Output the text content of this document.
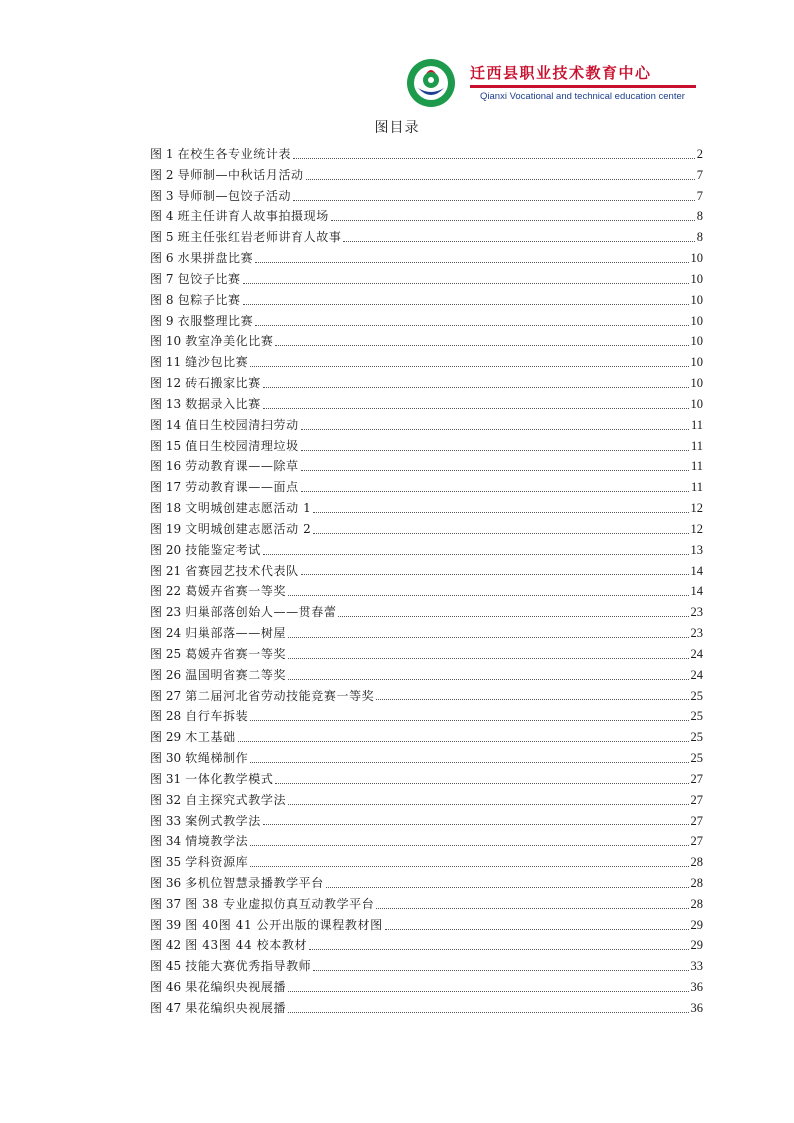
迁西县职业技术教育中心
Qianxi Vocational and technical education center
图目录
图 1 在校生各专业统计表	2
图 2 导师制—中秋话月活动	7
图 3 导师制—包饺子活动	7
图 4 班主任讲育人故事拍摄现场	8
图 5 班主任张红岩老师讲育人故事	8
图 6 水果拼盘比赛	10
图 7 包饺子比赛	10
图 8 包粽子比赛	10
图 9 衣服整理比赛	10
图 10 教室净美化比赛	10
图 11 缝沙包比赛	10
图 12 砖石搬家比赛	10
图 13 数据录入比赛	10
图 14 值日生校园清扫劳动	11
图 15 值日生校园清理垃圾	11
图 16 劳动教育课——除草	11
图 17 劳动教育课——面点	11
图 18 文明城创建志愿活动 1	12
图 19 文明城创建志愿活动 2	12
图 20 技能鉴定考试	13
图 21 省赛园艺技术代表队	14
图 22 葛媛卉省赛一等奖	14
图 23 归巢部落创始人——贯春蕾	23
图 24 归巢部落——树屋	23
图 25 葛媛卉省赛一等奖	24
图 26 温国明省赛二等奖	24
图 27 第二届河北省劳动技能竞赛一等奖	25
图 28 自行车拆装	25
图 29 木工基础	25
图 30 软绳梯制作	25
图 31 一体化教学模式	27
图 32 自主探究式教学法	27
图 33 案例式教学法	27
图 34 情境教学法	27
图 35 学科资源库	28
图 36 多机位智慧录播教学平台	28
图 37 图 38 专业虚拟仿真互动教学平台	28
图 39 图 40图 41 公开出版的课程教材图	29
图 42 图 43图 44 校本教材	29
图 45 技能大赛优秀指导教师	33
图 46 果花编织央视展播	36
图 47 果花编织央视展播	36
